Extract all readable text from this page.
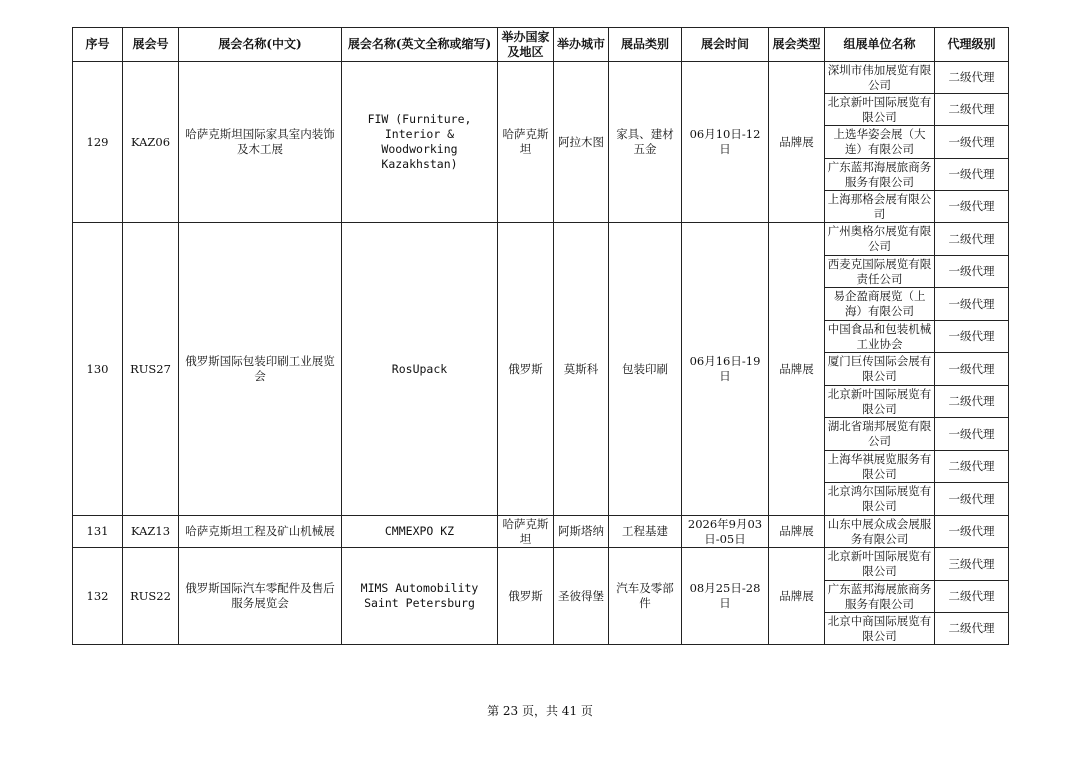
序号	展会号	展会名称(中文)	展会名称(英文全称或缩写)	举办国家及地区	举办城市	展品类别	展会时间	展会类型	组展单位名称	代理级别
129	KAZ06	哈萨克斯坦国际家具室内装饰及木工展	FIW (Furniture, Interior & Woodworking Kazakhstan)	哈萨克斯坦	阿拉木图	家具、建材五金	06月10日-12日	品牌展	深圳市伟加展览有限公司	二级代理
									北京新叶国际展览有限公司	二级代理
									上选华姿会展（大连）有限公司	一级代理
									广东蓝邦海展旅商务服务有限公司	一级代理
									上海那格会展有限公司	一级代理
130	RUS27	俄罗斯国际包装印刷工业展览会	RosUpack	俄罗斯	莫斯科	包装印刷	06月16日-19日	品牌展	广州奥格尔展览有限公司	二级代理
									西麦克国际展览有限责任公司	一级代理
									易企盈商展览（上海）有限公司	一级代理
									中国食品和包装机械工业协会	一级代理
									厦门巨传国际会展有限公司	一级代理
									北京新叶国际展览有限公司	二级代理
									湖北省瑞邦展览有限公司	一级代理
									上海华祺展览服务有限公司	二级代理
									北京鸿尔国际展览有限公司	一级代理
131	KAZ13	哈萨克斯坦工程及矿山机械展	CMMEXPO KZ	哈萨克斯坦	阿斯塔纳	工程基建	2026年9月03日-05日	品牌展	山东中展众成会展服务有限公司	一级代理
132	RUS22	俄罗斯国际汽车零配件及售后服务展览会	MIMS Automobility Saint Petersburg	俄罗斯	圣彼得堡	汽车及零部件	08月25日-28日	品牌展	北京新叶国际展览有限公司	三级代理
									广东蓝邦海展旅商务服务有限公司	二级代理
									北京中商国际展览有限公司	二级代理
第 23 页，共 41 页
